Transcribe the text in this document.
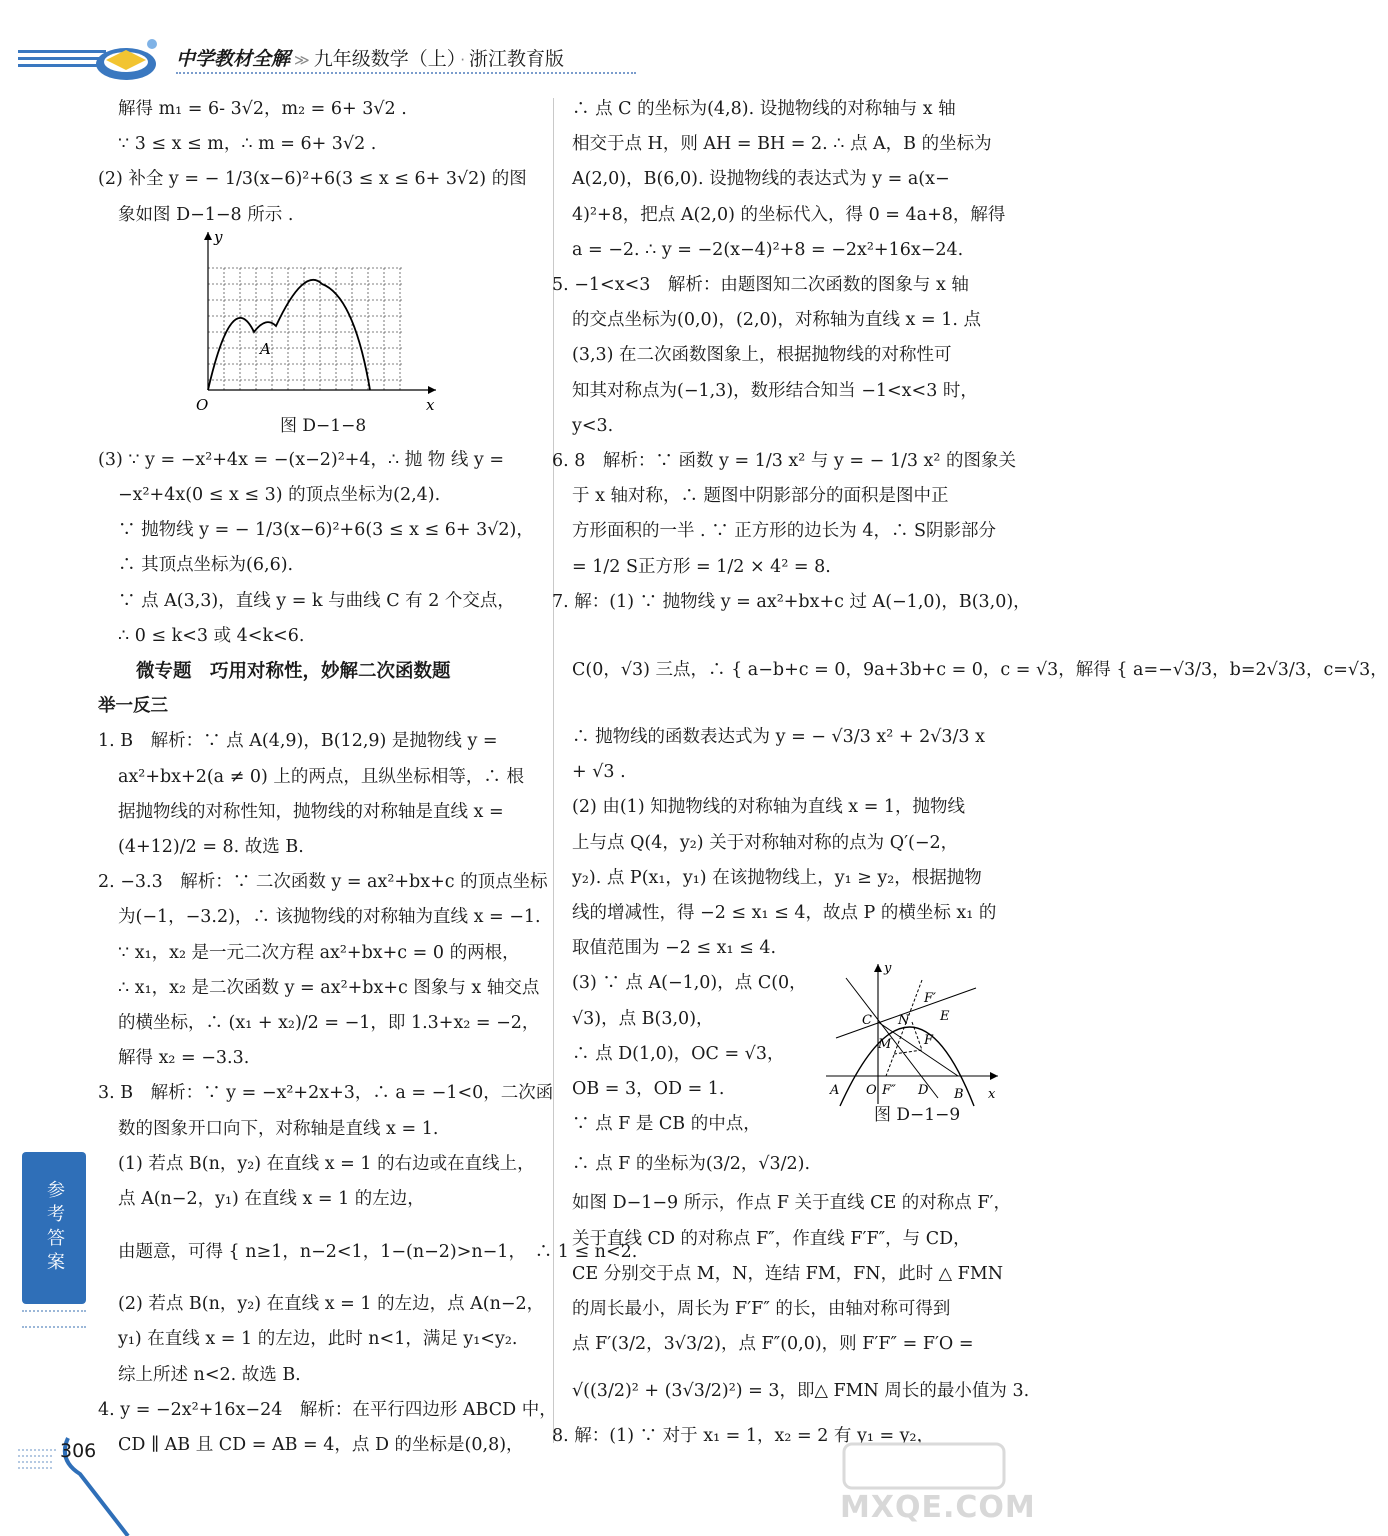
中学教材全解 ≫ 九年级数学（上） · 浙江教育版

解得 m₁ = 6- 3√2，m₂ = 6+ 3√2 .

∵ 3 ≤ x ≤ m，∴ m = 6+ 3√2 .

(2) 补全 y = − 1/3(x−6)²+6(3 ≤ x ≤ 6+ 3√2) 的图

象如图 D−1−8 所示 .

(3) ∵ y = −x²+4x = −(x−2)²+4，∴ 抛 物 线 y =

−x²+4x(0 ≤ x ≤ 3) 的顶点坐标为(2,4).

∵ 抛物线 y = − 1/3(x−6)²+6(3 ≤ x ≤ 6+ 3√2)，

∴ 其顶点坐标为(6,6).

∵ 点 A(3,3)，直线 y = k 与曲线 C 有 2 个交点，

∴ 0 ≤ k<3 或 4<k<6.

微专题　巧用对称性，妙解二次函数题

举一反三

1. B　解析：∵ 点 A(4,9)，B(12,9) 是抛物线 y =

ax²+bx+2(a ≠ 0) 上的两点，且纵坐标相等，∴ 根

据抛物线的对称性知，抛物线的对称轴是直线 x =

(4+12)/2 = 8. 故选 B.

2. −3.3　解析：∵ 二次函数 y = ax²+bx+c 的顶点坐标

为(−1，−3.2)，∴ 该抛物线的对称轴为直线 x = −1.

∵ x₁，x₂ 是一元二次方程 ax²+bx+c = 0 的两根，

∴ x₁，x₂ 是二次函数 y = ax²+bx+c 图象与 x 轴交点

的横坐标，∴ (x₁ + x₂)/2 = −1，即 1.3+x₂ = −2，

解得 x₂ = −3.3.

3. B　解析：∵ y = −x²+2x+3，∴ a = −1<0，二次函

数的图象开口向下，对称轴是直线 x = 1.

(1) 若点 B(n，y₂) 在直线 x = 1 的右边或在直线上，

点 A(n−2，y₁) 在直线 x = 1 的左边，

由题意，可得 { n≥1，n−2<1，1−(n−2)>n−1，　∴ 1 ≤ n<2.

(2) 若点 B(n，y₂) 在直线 x = 1 的左边，点 A(n−2，

y₁) 在直线 x = 1 的左边，此时 n<1，满足 y₁<y₂.

综上所述 n<2. 故选 B.

4. y = −2x²+16x−24　解析：在平行四边形 ABCD 中，

CD ∥ AB 且 CD = AB = 4，点 D 的坐标是(0,8)，

∴ 点 C 的坐标为(4,8). 设抛物线的对称轴与 x 轴

相交于点 H，则 AH = BH = 2. ∴ 点 A，B 的坐标为

A(2,0)，B(6,0). 设抛物线的表达式为 y = a(x−

4)²+8，把点 A(2,0) 的坐标代入，得 0 = 4a+8，解得

a = −2. ∴ y = −2(x−4)²+8 = −2x²+16x−24.

5. −1<x<3　解析：由题图知二次函数的图象与 x 轴

的交点坐标为(0,0)，(2,0)，对称轴为直线 x = 1. 点

(3,3) 在二次函数图象上，根据抛物线的对称性可

知其对称点为(−1,3)，数形结合知当 −1<x<3 时，

y<3.

6. 8　解析：∵ 函数 y = 1/3 x² 与 y = − 1/3 x² 的图象关

于 x 轴对称，∴ 题图中阴影部分的面积是图中正

方形面积的一半 . ∵ 正方形的边长为 4，∴ S阴影部分

= 1/2 S正方形 = 1/2 × 4² = 8.

7. 解：(1) ∵ 抛物线 y = ax²+bx+c 过 A(−1,0)，B(3,0)，

C(0，√3) 三点，∴ { a−b+c = 0，9a+3b+c = 0，c = √3，解得 { a=−√3/3，b=2√3/3，c=√3，

∴ 抛物线的函数表达式为 y = − √3/3 x² + 2√3/3 x

+ √3 .

(2) 由(1) 知抛物线的对称轴为直线 x = 1，抛物线

上与点 Q(4，y₂) 关于对称轴对称的点为 Q′(−2，

y₂). 点 P(x₁，y₁) 在该抛物线上，y₁ ≥ y₂，根据抛物

线的增减性，得 −2 ≤ x₁ ≤ 4，故点 P 的横坐标 x₁ 的

取值范围为 −2 ≤ x₁ ≤ 4.

(3) ∵ 点 A(−1,0)，点 C(0，

√3)，点 B(3,0)，

∴ 点 D(1,0)，OC = √3，

OB = 3，OD = 1.

∵ 点 F 是 CB 的中点，

∴ 点 F 的坐标为(3/2，√3/2).

如图 D−1−9 所示，作点 F 关于直线 CE 的对称点 F′，

关于直线 CD 的对称点 F″，作直线 F′F″，与 CD，

CE 分别交于点 M，N，连结 FM，FN，此时 △ FMN

的周长最小，周长为 F′F″ 的长，由轴对称可得到

点 F′(3/2，3√3/2)，点 F″(0,0)，则 F′F″ = F′O =

√((3/2)² + (3√3/2)²) = 3，即△ FMN 周长的最小值为 3.

8. 解：(1) ∵ 对于 x₁ = 1，x₂ = 2 有 y₁ = y₂，

y
x
O
A
图 D−1−8
y
x
C N
F′
E
M	F
A O F″ D B
图 D−1−9
参考答案
306
MXQE.COM
